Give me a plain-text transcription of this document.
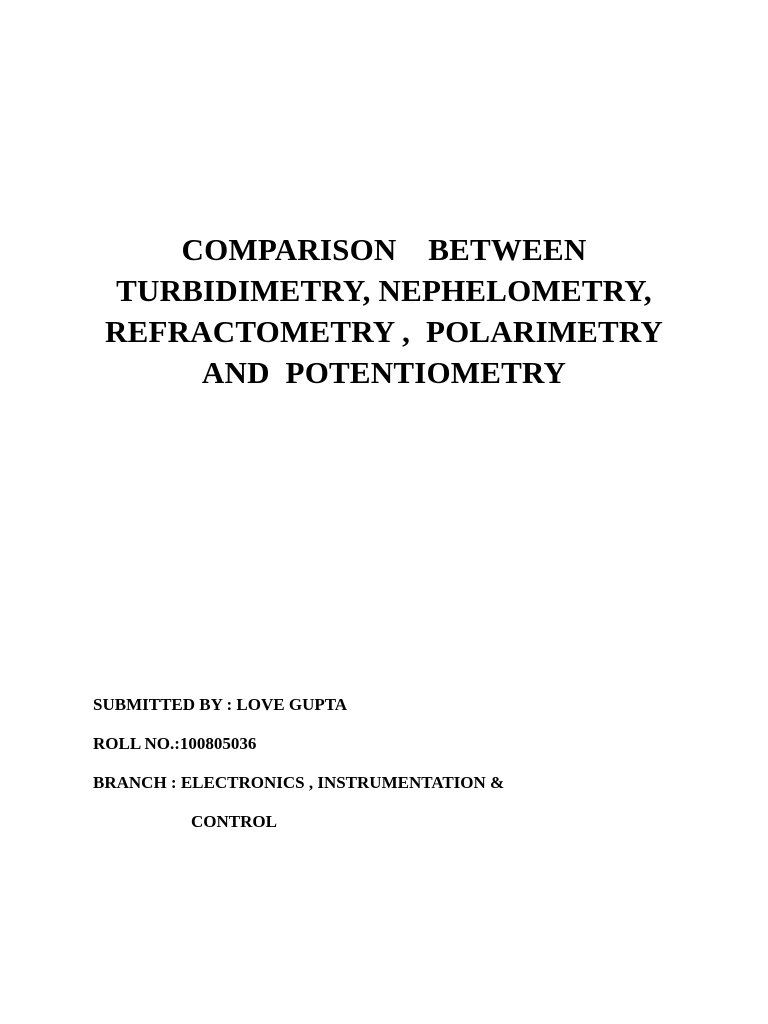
COMPARISON    BETWEEN
TURBIDIMETRY, NEPHELOMETRY,
REFRACTOMETRY ,  POLARIMETRY
AND  POTENTIOMETRY
SUBMITTED BY : LOVE GUPTA
ROLL NO.:100805036
BRANCH : ELECTRONICS , INSTRUMENTATION &
CONTROL
